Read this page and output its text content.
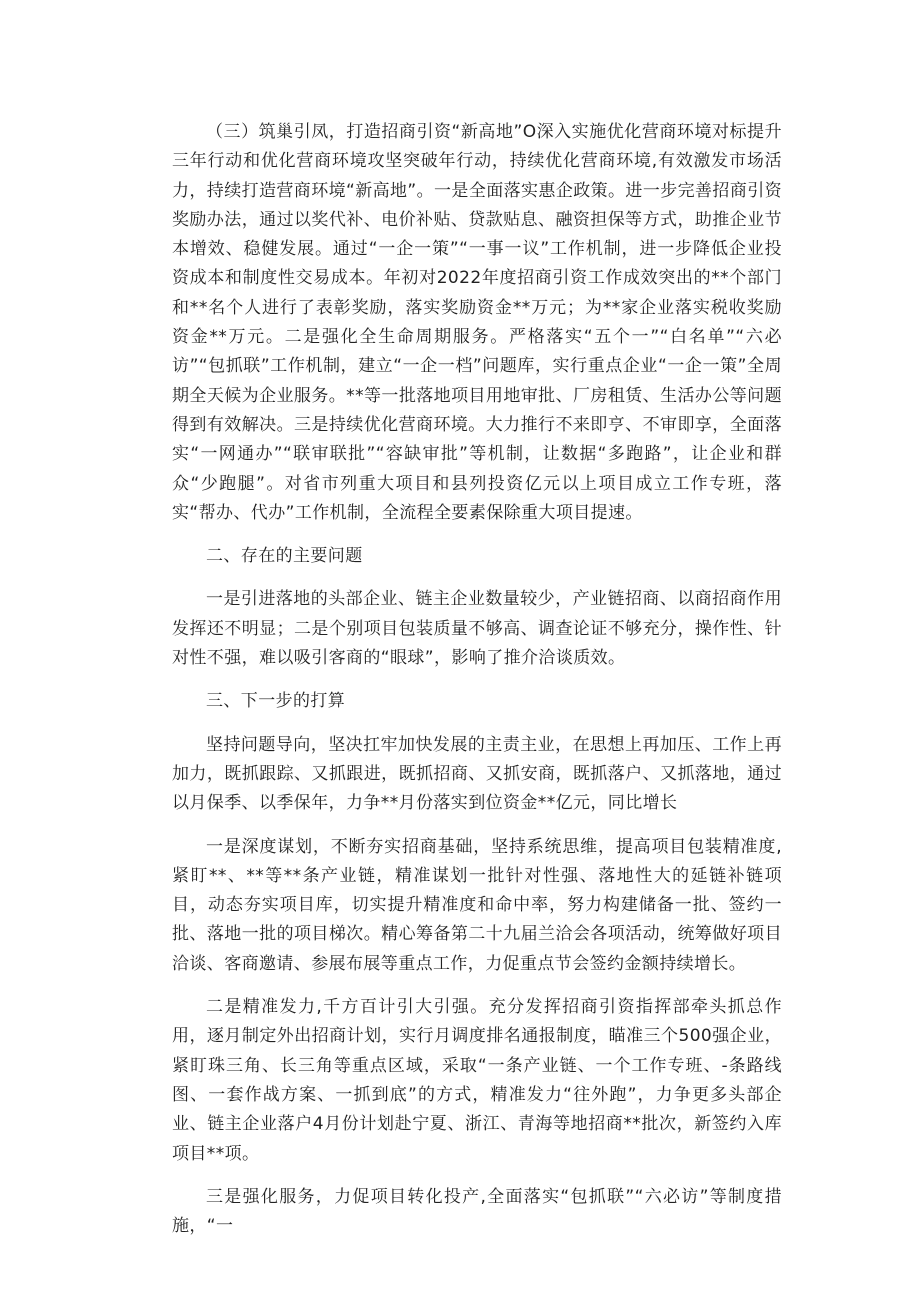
（三）筑巢引凤，打造招商引资“新高地”O深入实施优化营商环境对标提升三年行动和优化营商环境攻坚突破年行动，持续优化营商环境,有效激发市场活力，持续打造营商环境“新高地”。一是全面落实惠企政策。进一步完善招商引资奖励办法，通过以奖代补、电价补贴、贷款贴息、融资担保等方式，助推企业节本增效、稳健发展。通过“一企一策”“一事一议”工作机制，进一步降低企业投资成本和制度性交易成本。年初对2022年度招商引资工作成效突出的**个部门和**名个人进行了表彰奖励，落实奖励资金**万元；为**家企业落实税收奖励资金**万元。二是强化全生命周期服务。严格落实“五个一”“白名单”“六必访”“包抓联”工作机制，建立“一企一档”问题库，实行重点企业“一企一策”全周期全天候为企业服务。**等一批落地项目用地审批、厂房租赁、生活办公等问题得到有效解决。三是持续优化营商环境。大力推行不来即亨、不审即享，全面落实“一网通办”“联审联批”“容缺审批”等机制，让数据“多跑路”，让企业和群众“少跑腿”。对省市列重大项目和县列投资亿元以上项目成立工作专班，落实“帮办、代办”工作机制，全流程全要素保除重大项目提速。

二、存在的主要问题

一是引进落地的头部企业、链主企业数量较少，产业链招商、以商招商作用发挥还不明显；二是个别项目包装质量不够高、调查论证不够充分，操作性、针对性不强，难以吸引客商的“眼球”，影响了推介洽谈质效。

三、下一步的打算

坚持问题导向，坚决扛牢加快发展的主责主业，在思想上再加压、工作上再加力，既抓跟踪、又抓跟进，既抓招商、又抓安商，既抓落户、又抓落地，通过以月保季、以季保年，力争**月份落实到位资金**亿元，同比增长

一是深度谋划，不断夯实招商基础，坚持系统思维，提高项目包装精准度,紧盯**、**等**条产业链，精准谋划一批针对性强、落地性大的延链补链项目，动态夯实项目库，切实提升精准度和命中率，努力构建储备一批、签约一批、落地一批的项目梯次。精心筹备第二十九届兰洽会各项活动，统筹做好项目洽谈、客商邀请、参展布展等重点工作，力促重点节会签约金额持续增长。

二是精准发力,千方百计引大引强。充分发挥招商引资指挥部牵头抓总作用，逐月制定外出招商计划，实行月调度排名通报制度，瞄准三个500强企业，紧盯珠三角、长三角等重点区域，采取“一条产业链、一个工作专班、-条路线图、一套作战方案、一抓到底”的方式，精准发力“往外跑”，力争更多头部企业、链主企业落户4月份计划赴宁夏、浙江、青海等地招商**批次，新签约入库项目**项。

三是强化服务，力促项目转化投产,全面落实“包抓联”“六必访”等制度措施，“一
